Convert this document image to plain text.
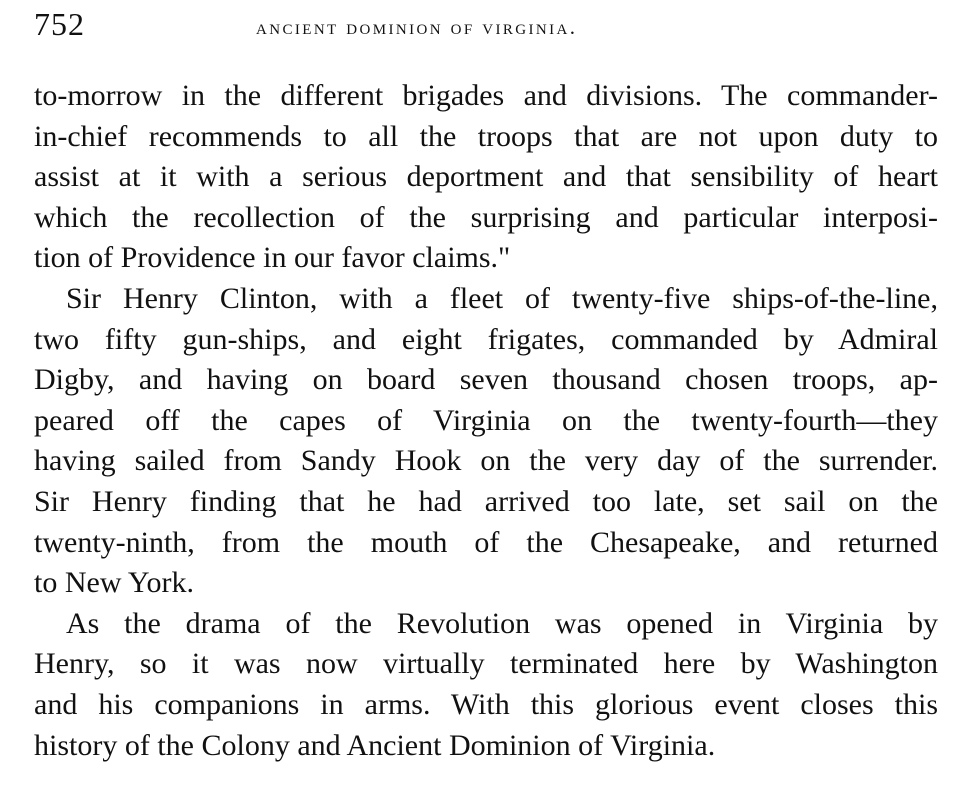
752	ancient dominion of virginia.
to-morrow in the different brigades and divisions. The commander-
in-chief recommends to all the troops that are not upon duty to
assist at it with a serious deportment and that sensibility of heart
which the recollection of the surprising and particular interposi-
tion of Providence in our favor claims."
Sir Henry Clinton, with a fleet of twenty-five ships-of-the-line,
two fifty gun-ships, and eight frigates, commanded by Admiral
Digby, and having on board seven thousand chosen troops, ap-
peared off the capes of Virginia on the twenty-fourth—they
having sailed from Sandy Hook on the very day of the surrender.
Sir Henry finding that he had arrived too late, set sail on the
twenty-ninth, from the mouth of the Chesapeake, and returned
to New York.
As the drama of the Revolution was opened in Virginia by
Henry, so it was now virtually terminated here by Washington
and his companions in arms. With this glorious event closes this
history of the Colony and Ancient Dominion of Virginia.
